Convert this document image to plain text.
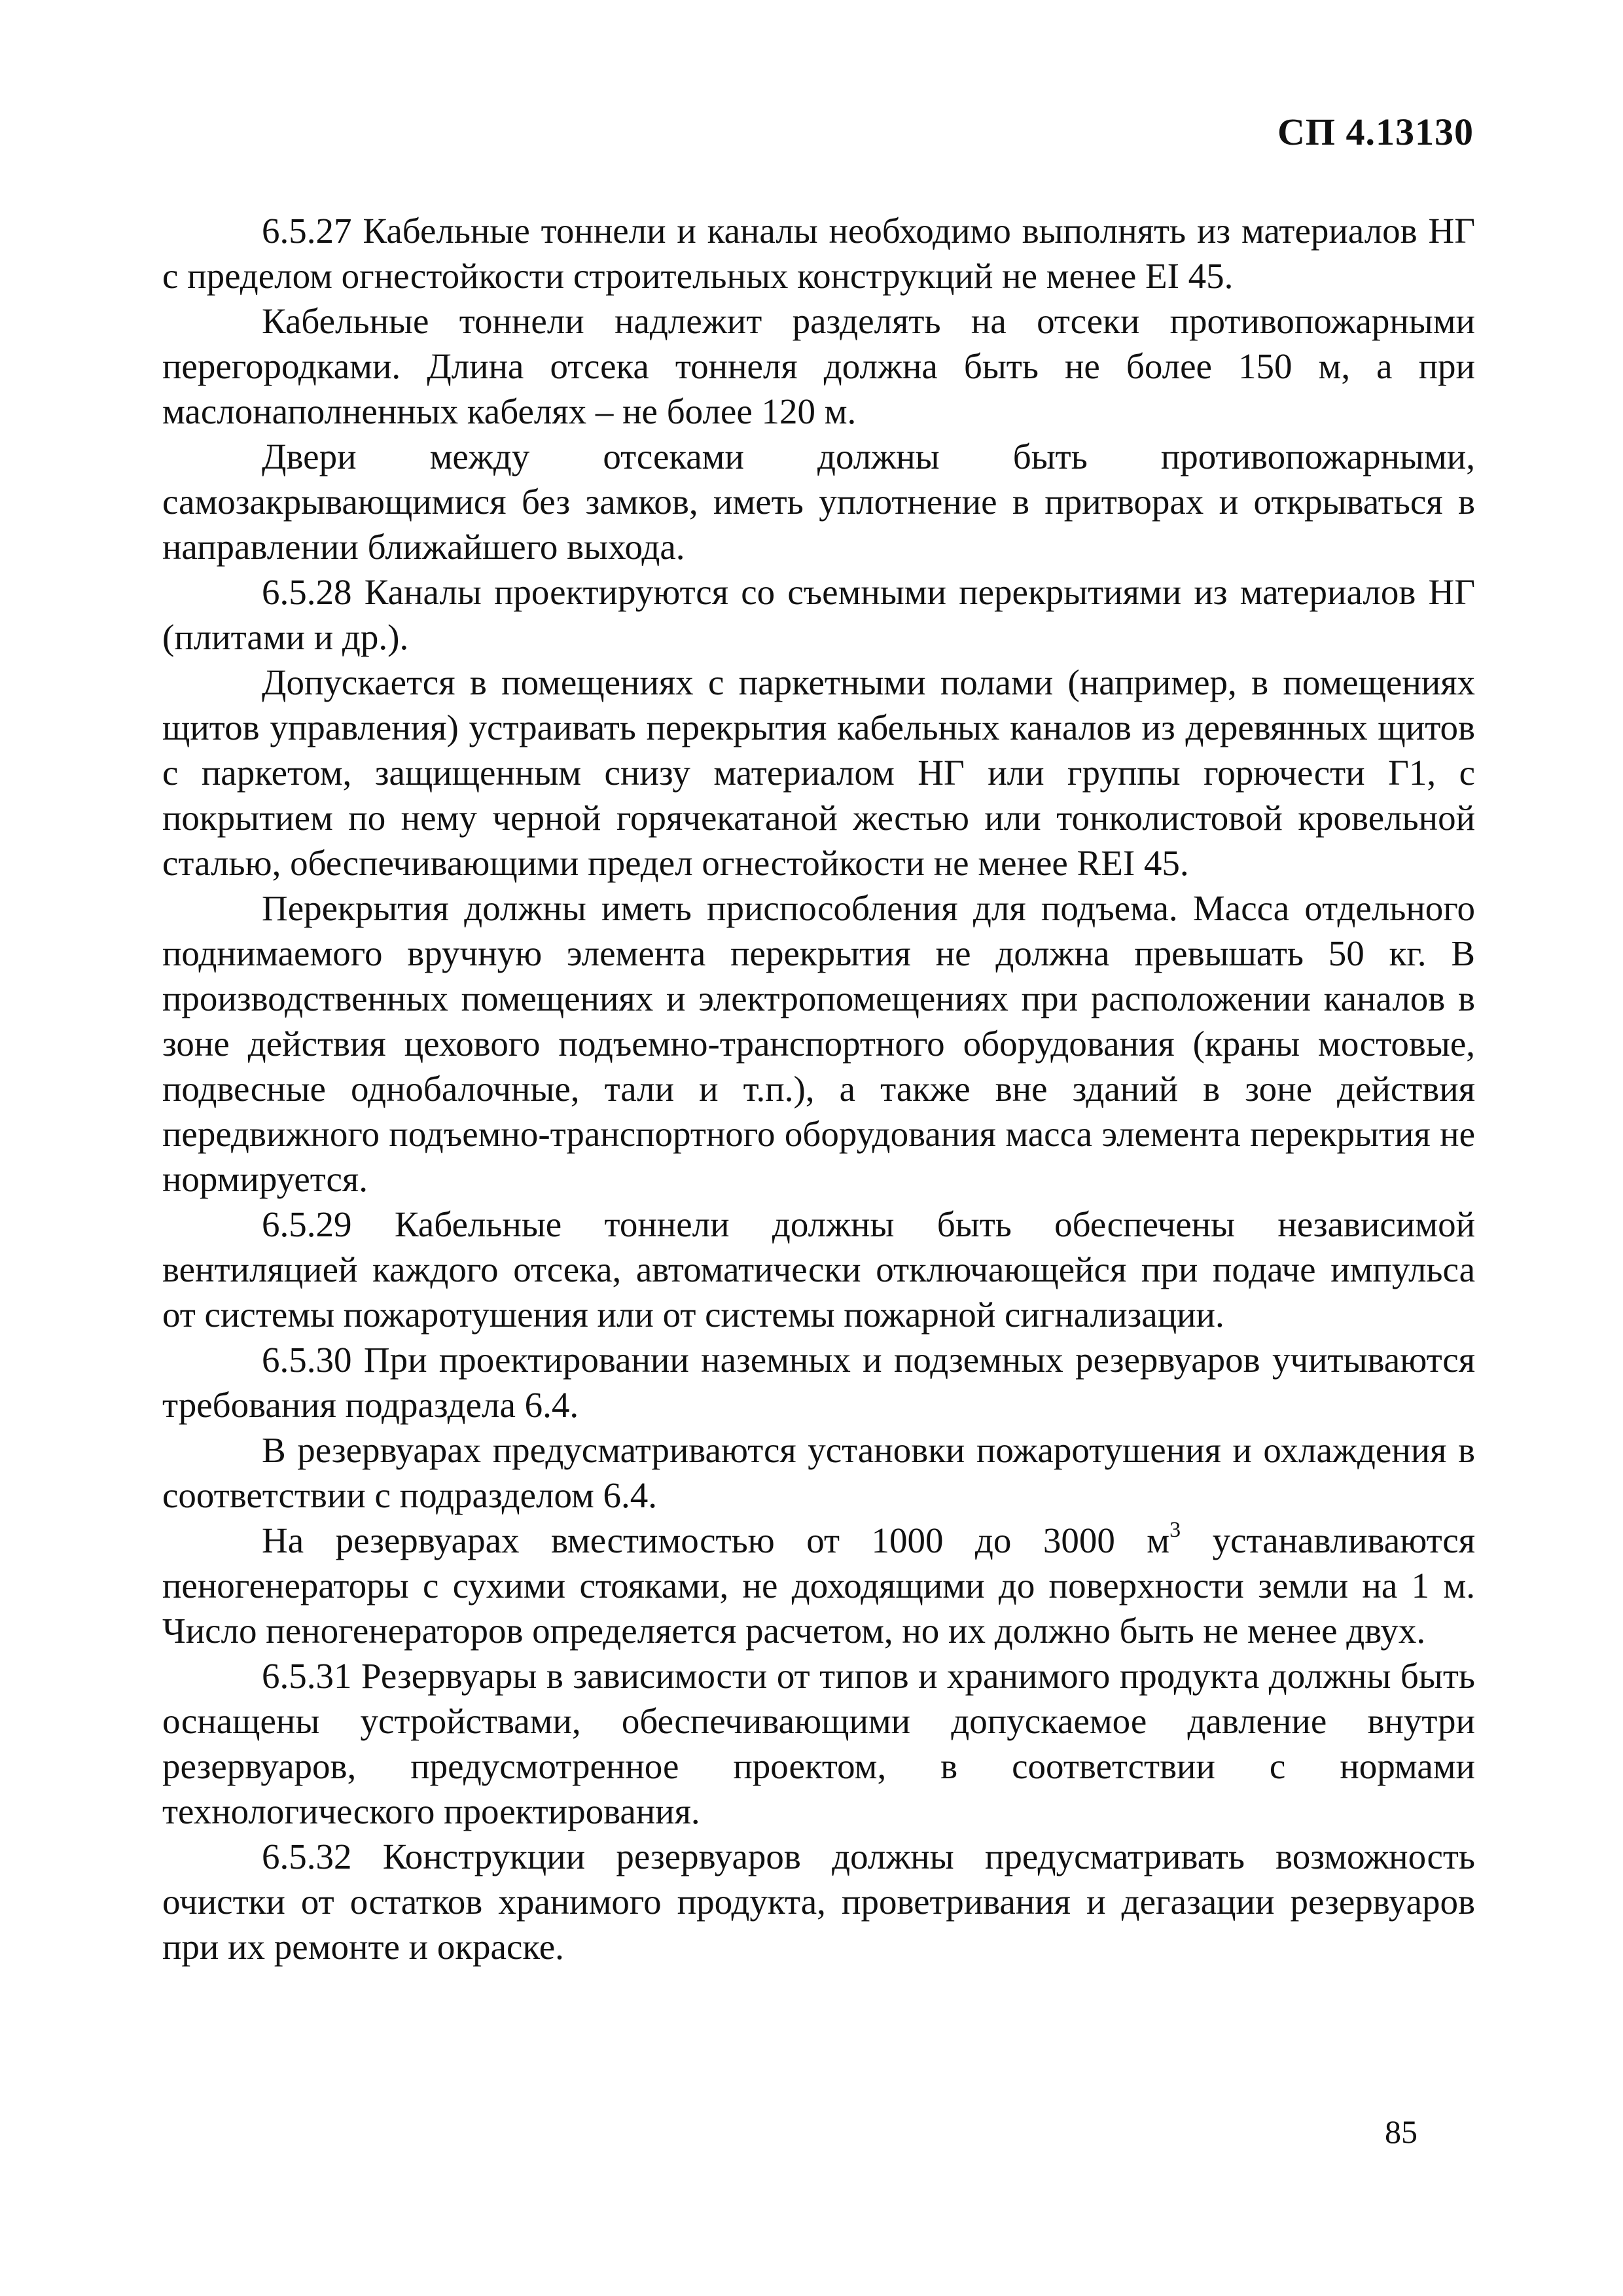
СП 4.13130

6.5.27 Кабельные тоннели и каналы необходимо выполнять из материалов НГ с пределом огнестойкости строительных конструкций не менее EI 45.

Кабельные тоннели надлежит разделять на отсеки противопожарными перегородками. Длина отсека тоннеля должна быть не более 150 м, а при маслонаполненных кабелях – не более 120 м.

Двери между отсеками должны быть противопожарными, самозакрывающимися без замков, иметь уплотнение в притворах и открываться в направлении ближайшего выхода.

6.5.28 Каналы проектируются со съемными перекрытиями из материалов НГ (плитами и др.).

Допускается в помещениях с паркетными полами (например, в помещениях щитов управления) устраивать перекрытия кабельных каналов из деревянных щитов с паркетом, защищенным снизу материалом НГ или группы горючести Г1, с покрытием по нему черной горячекатаной жестью или тонколистовой кровельной сталью, обеспечивающими предел огнестойкости не менее REI 45.

Перекрытия должны иметь приспособления для подъема. Масса отдельного поднимаемого вручную элемента перекрытия не должна превышать 50 кг. В производственных помещениях и электропомещениях при расположении каналов в зоне действия цехового подъемно-транспортного оборудования (краны мостовые, подвесные однобалочные, тали и т.п.), а также вне зданий в зоне действия передвижного подъемно-транспортного оборудования масса элемента перекрытия не нормируется.

6.5.29 Кабельные тоннели должны быть обеспечены независимой вентиляцией каждого отсека, автоматически отключающейся при подаче импульса от системы пожаротушения или от системы пожарной сигнализации.

6.5.30 При проектировании наземных и подземных резервуаров учитываются требования подраздела 6.4.

В резервуарах предусматриваются установки пожаротушения и охлаждения в соответствии с подразделом 6.4.

На резервуарах вместимостью от 1000 до 3000 $м^3$ устанавливаются пеногенераторы с сухими стояками, не доходящими до поверхности земли на 1 м. Число пеногенераторов определяется расчетом, но их должно быть не менее двух.

6.5.31 Резервуары в зависимости от типов и хранимого продукта должны быть оснащены устройствами, обеспечивающими допускаемое давление внутри резервуаров, предусмотренное проектом, в соответствии с нормами технологического проектирования.

6.5.32 Конструкции резервуаров должны предусматривать возможность очистки от остатков хранимого продукта, проветривания и дегазации резервуаров при их ремонте и окраске.

85
